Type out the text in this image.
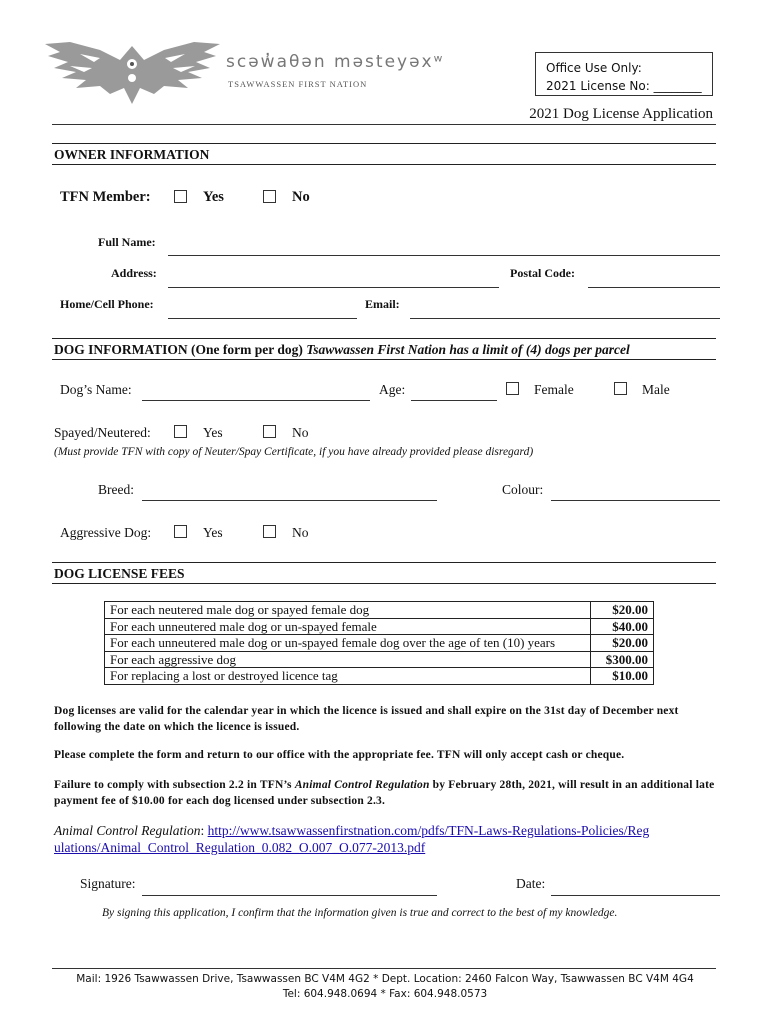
scəw̓aθən məsteyəxʷ
TSAWWASSEN FIRST NATION
Office Use Only:
2021 License No: ________
2021 Dog License Application
OWNER INFORMATION
TFN Member:	Yes	No
Full Name:
Address:	Postal Code:
Home/Cell Phone:	Email:
DOG INFORMATION (One form per dog) Tsawwassen First Nation has a limit of (4) dogs per parcel
Dog’s Name:	Age:	Female	Male
Spayed/Neutered:	Yes	No
(Must provide TFN with copy of Neuter/Spay Certificate, if you have already provided please disregard)
Breed:	Colour:
Aggressive Dog:	Yes	No
DOG LICENSE FEES
For each neutered male dog or spayed female dog	$20.00
For each unneutered male dog or un-spayed female	$40.00
For each unneutered male dog or un-spayed female dog over the age of ten (10) years	$20.00
For each aggressive dog	$300.00
For replacing a lost or destroyed licence tag	$10.00
Dog licenses are valid for the calendar year in which the licence is issued and shall expire on the 31st day of December next following the date on which the licence is issued.
Please complete the form and return to our office with the appropriate fee. TFN will only accept cash or cheque.
Failure to comply with subsection 2.2 in TFN’s Animal Control Regulation by February 28th, 2021, will result in an additional late payment fee of $10.00 for each dog licensed under subsection 2.3.
Animal Control Regulation: http://www.tsawwassenfirstnation.com/pdfs/TFN-Laws-Regulations-Policies/Regulations/Animal_Control_Regulation_0.082_O.007_O.077-2013.pdf
Signature:	Date:
By signing this application, I confirm that the information given is true and correct to the best of my knowledge.
Mail: 1926 Tsawwassen Drive, Tsawwassen BC V4M 4G2 * Dept. Location: 2460 Falcon Way, Tsawwassen BC V4M 4G4
Tel: 604.948.0694 * Fax: 604.948.0573
